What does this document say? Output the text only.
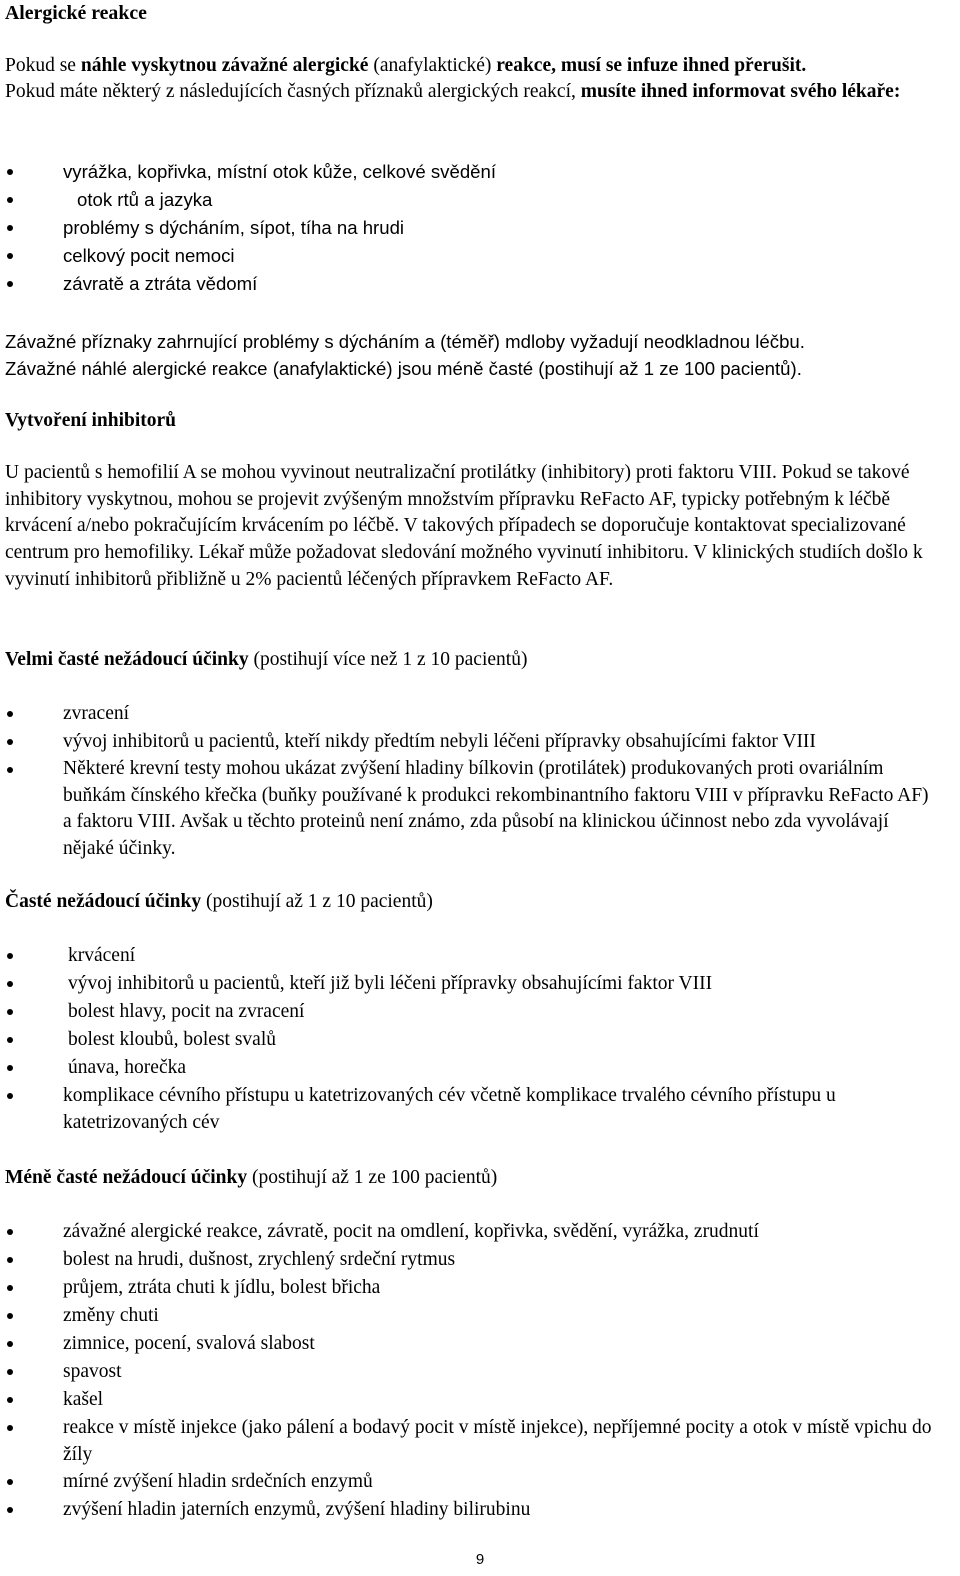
Alergické reakce

Pokud se náhle vyskytnou závažné alergické (anafylaktické) reakce, musí se infuze ihned přerušit.

Pokud máte některý z následujících časných příznaků alergických reakcí, musíte ihned informovat svého lékaře:

vyrážka, kopřivka, místní otok kůže, celkové svědění
otok rtů a jazyka
problémy s dýcháním, sípot, tíha na hrudi
celkový pocit nemoci
závratě a ztráta vědomí

Závažné příznaky zahrnující problémy s dýcháním a (téměř) mdloby vyžadují neodkladnou léčbu.

Závažné náhlé alergické reakce (anafylaktické) jsou méně časté (postihují až 1 ze 100 pacientů).

Vytvoření inhibitorů

U pacientů s hemofilií A se mohou vyvinout neutralizační protilátky (inhibitory) proti faktoru VIII. Pokud se takové inhibitory vyskytnou, mohou se projevit zvýšeným množstvím přípravku ReFacto AF, typicky potřebným k léčbě krvácení a/nebo pokračujícím krvácením po léčbě. V takových případech se doporučuje kontaktovat specializované centrum pro hemofiliky. Lékař může požadovat sledování možného vyvinutí inhibitoru. V klinických studiích došlo k vyvinutí inhibitorů přibližně u 2% pacientů léčených přípravkem ReFacto AF.

Velmi časté nežádoucí účinky (postihují více než 1 z 10 pacientů)

zvracení
vývoj inhibitorů u pacientů, kteří nikdy předtím nebyli léčeni přípravky obsahujícími faktor VIII
Některé krevní testy mohou ukázat zvýšení hladiny bílkovin (protilátek) produkovaných proti ovariálním buňkám čínského křečka (buňky používané k produkci rekombinantního faktoru VIII v přípravku ReFacto AF) a faktoru VIII. Avšak u těchto proteinů není známo, zda působí na klinickou účinnost nebo zda vyvolávají nějaké účinky.

Časté nežádoucí účinky (postihují až 1 z 10 pacientů)

krvácení
vývoj inhibitorů u pacientů, kteří již byli léčeni přípravky obsahujícími faktor VIII
bolest hlavy, pocit na zvracení
bolest kloubů, bolest svalů
únava, horečka
komplikace cévního přístupu u katetrizovaných cév včetně komplikace trvalého cévního přístupu u katetrizovaných cév

Méně časté nežádoucí účinky (postihují až 1 ze 100 pacientů)

závažné alergické reakce, závratě, pocit na omdlení, kopřivka, svědění, vyrážka, zrudnutí
bolest na hrudi, dušnost, zrychlený srdeční rytmus
průjem, ztráta chuti k jídlu, bolest břicha
změny chuti
zimnice, pocení, svalová slabost
spavost
kašel
reakce v místě injekce (jako pálení a bodavý pocit v místě injekce), nepříjemné pocity a otok v místě vpichu do žíly
mírné zvýšení hladin srdečních enzymů
zvýšení hladin jaterních enzymů, zvýšení hladiny bilirubinu
9
